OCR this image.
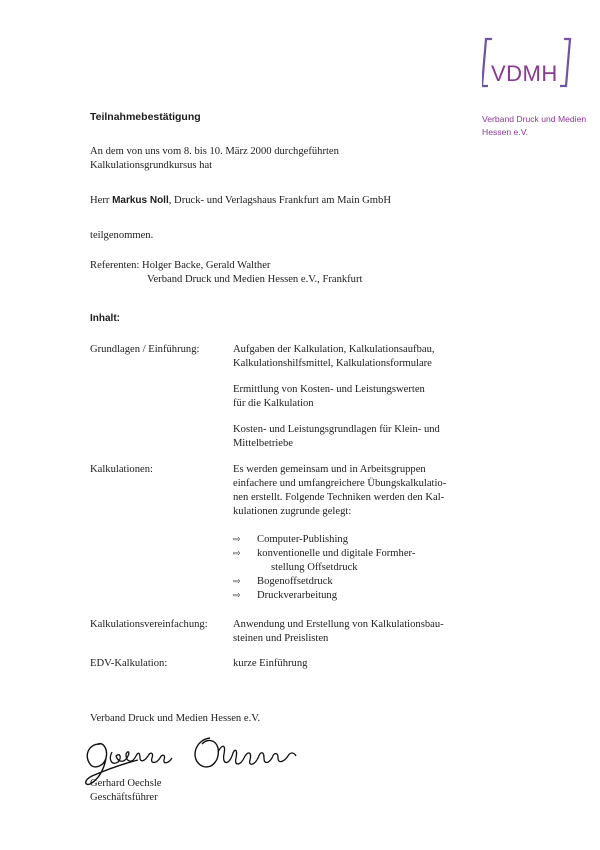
VDMH
Verband Druck und Medien
Hessen e.V.
Teilnahmebestätigung
An dem von uns vom 8. bis 10. März 2000 durchgeführten
Kalkulationsgrundkursus hat
Herr Markus Noll, Druck- und Verlagshaus Frankfurt am Main GmbH
teilgenommen.
Referenten: Holger Backe, Gerald Walther
Verband Druck und Medien Hessen e.V., Frankfurt
Inhalt:
Grundlagen / Einführung:	Aufgaben der Kalkulation, Kalkulationsaufbau,
Kalkulationshilfsmittel, Kalkulationsformulare
Ermittlung von Kosten- und Leistungswerten
für die Kalkulation
Kosten- und Leistungsgrundlagen für Klein- und
Mittelbetriebe
Kalkulationen:	Es werden gemeinsam und in Arbeitsgruppen
einfachere und umfangreichere Übungskalkulatio-
nen erstellt. Folgende Techniken werden den Kal-
kulationen zugrunde gelegt:
⇨ Computer-Publishing
⇨ konventionelle und digitale Formher-
stellung Offsetdruck
⇨ Bogenoffsetdruck
⇨ Druckverarbeitung
Kalkulationsvereinfachung: Anwendung und Erstellung von Kalkulationsbau-
steinen und Preislisten
EDV-Kalkulation:	kurze Einführung
Verband Druck und Medien Hessen e.V.
Gerhard Oechsle
Geschäftsführer
